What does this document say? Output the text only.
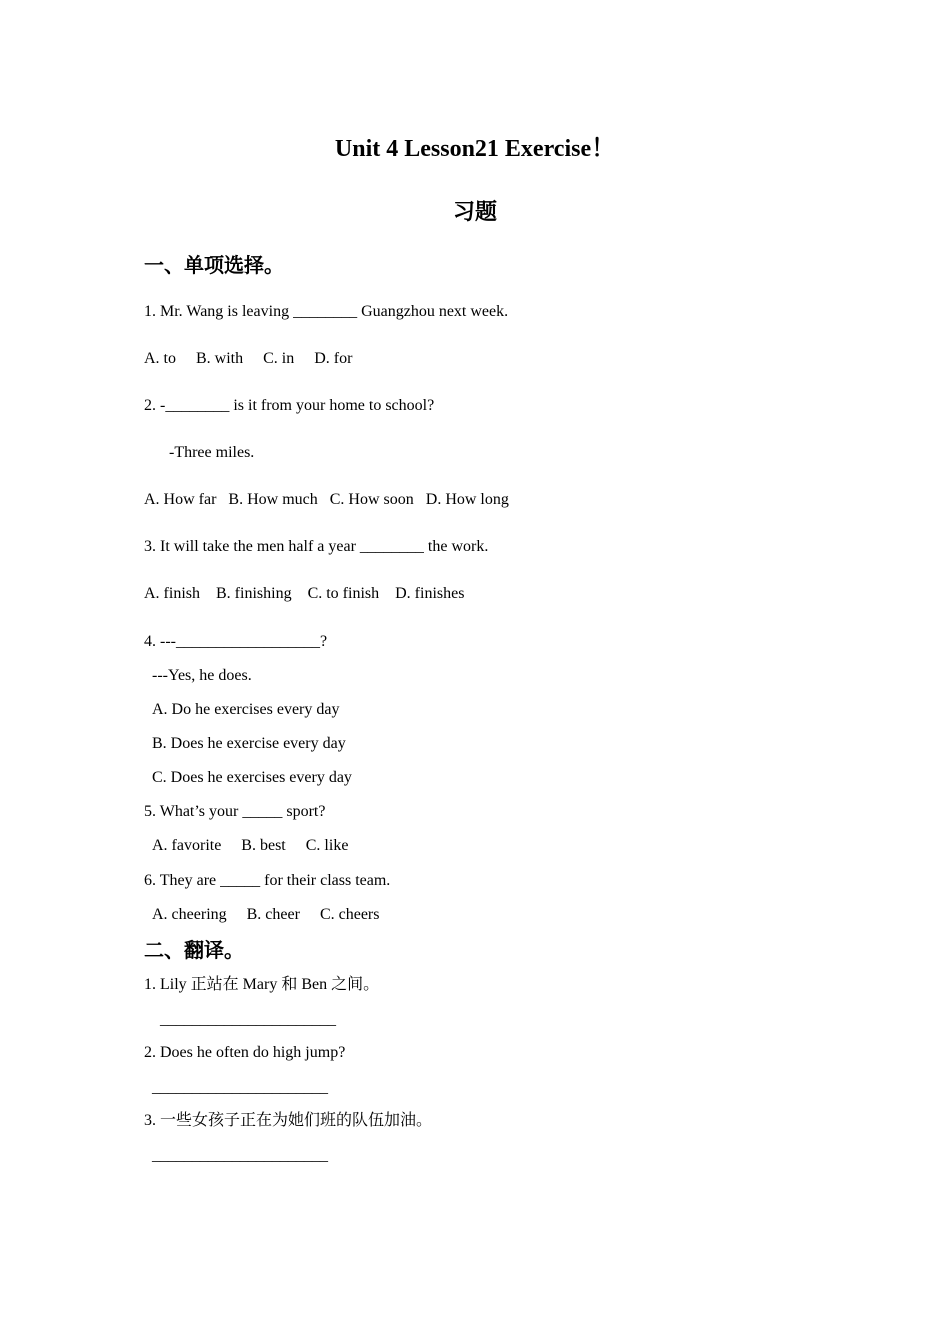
Unit 4 Lesson21 Exercise！
习题
一、单项选择。
1. Mr. Wang is leaving ________ Guangzhou next week.
A. to     B. with     C. in     D. for
2. -________ is it from your home to school?
-Three miles.
A. How far   B. How much   C. How soon   D. How long
3. It will take the men half a year ________ the work.
A. finish    B. finishing    C. to finish    D. finishes
4. ---__________________?
---Yes, he does.
A. Do he exercises every day
B. Does he exercise every day
C. Does he exercises every day
5. What’s your _____ sport?
A. favorite     B. best     C. like
6. They are _____ for their class team.
A. cheering     B. cheer     C. cheers
二、翻译。
1. Lily 正站在 Mary 和 Ben 之间。
______________________
2. Does he often do high jump?
______________________
3. 一些女孩子正在为她们班的队伍加油。
______________________
